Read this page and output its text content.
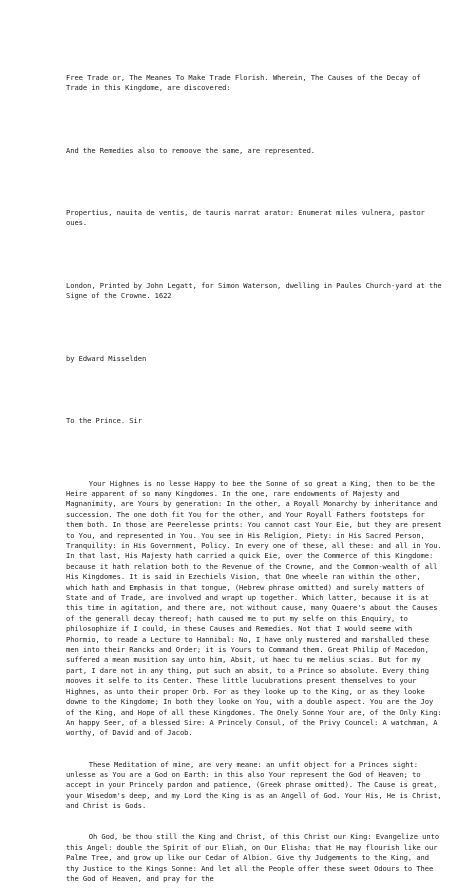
Free Trade or, The Meanes To Make Trade Florish. Wherein, The Causes of the Decay of Trade in this Kingdome, are discovered:

And the Remedies also to remoove the same, are represented.

Propertius, nauita de ventis, de tauris narrat arator: Enumerat miles vulnera, pastor oues.

London, Printed by John Legatt, for Simon Waterson, dwelling in Paules Church-yard at the Signe of the Crowne. 1622

by Edward Misselden

To the Prince. Sir

Your Highnes is no lesse Happy to bee the Sonne of so great a King, then to be the Heire apparent of so many Kingdomes. In the one, rare endowments of Majesty and Magnanimity, are Yours by generation: In the other, a Royall Monarchy by inheritance and succession. The one doth fit You for the other, and Your Royall Fathers footsteps for them both. In those are Peerelesse prints: You cannot cast Your Eie, but they are present to You, and represented in You. You see in His Religion, Piety: in His Sacred Person, Tranquility: in His Government, Policy. In every one of these, all these: and all in You. In that last, His Majesty hath carried a quick Eie, over the Commerce of this Kingdome: because it hath relation both to the Revenue of the Crowne, and the Common-wealth of all His Kingdomes. It is said in Ezechiels Vision, that One wheele ran within the other, which hath and Emphasis in that tongue, (Hebrew phrase omitted) and surely matters of State and of Trade, are involved and wrapt up together. Which latter, because it is at this time in agitation, and there are, not without cause, many Quaere's about the Causes of the generall decay thereof; hath caused me to put my selfe on this Enquiry, to philosophize if I could, in these Causes and Remedies. Not that I would seeme with Phormio, to reade a Lecture to Hannibal: No, I have only mustered and marshalled these men into their Rancks and Order; it is Yours to Command them. Great Philip of Macedon, suffered a mean musition say unto him, Absit, ut haec tu me melius scias. But for my part, I dare not in any thing, put such an absit, to a Prince so absolute. Every thing mooves it selfe to its Center. These little lucubrations present themselves to your Highnes, as unto their proper Orb. For as they looke up to the King, or as they looke downe to the Kingdome; In both they looke on You, with a double aspect. You are the Joy of the King, and Hope of all these Kingdomes. The Onely Sonne Your are, of the Only King: An happy Seer, of a blessed Sire: A Princely Consul, of the Privy Councel: A watchman, A worthy, of David and of Jacob.

These Meditation of mine, are very meane: an unfit object for a Princes sight: unlesse as You are a God on Earth: in this also Your represent the God of Heaven; to accept in your Princely pardon and patience, (Greek phrase omitted). The Cause is great, your Wisedom's deep, and my Lord the King is as an Angell of God. Your His, He is Christ, and Christ is Gods.

Oh God, be thou still the King and Christ, of this Christ our King: Evangelize unto this Angel: double the Spirit of our Eliah, on Our Elisha: that He may flourish like our Palme Tree, and grow up like our Cedar of Albion. Give thy Judgements to the King, and thy Justice to the Kings Sonne: And let all the People offer these sweet Odours to Thee the God of Heaven, and pray for the
